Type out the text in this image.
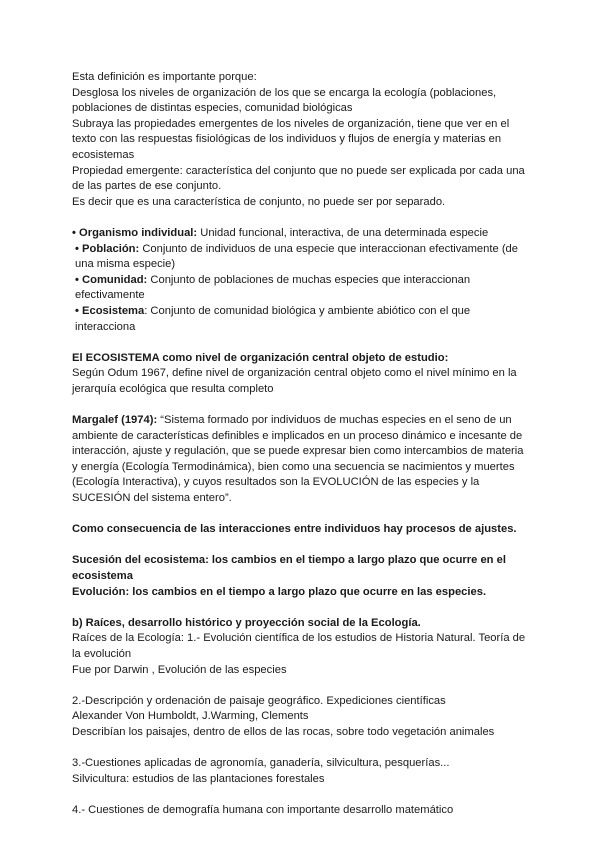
Esta definición es importante porque:

Desglosa los niveles de organización de los que se encarga la ecología (poblaciones, poblaciones de distintas especies, comunidad biológicas

Subraya las propiedades emergentes de los niveles de organización, tiene que ver en el texto con las respuestas fisiológicas de los individuos y flujos de energía y materias en ecosistemas

Propiedad emergente: característica del conjunto que no puede ser explicada por cada una de las partes de ese conjunto.

Es decir que es una característica de conjunto, no puede ser por separado.

• Organismo individual: Unidad funcional, interactiva, de una determinada especie

• Población: Conjunto de individuos de una especie que interaccionan efectivamente (de una misma especie)

• Comunidad: Conjunto de poblaciones de muchas especies que interaccionan efectivamente

• Ecosistema: Conjunto de comunidad biológica y ambiente abiótico con el que interacciona

El ECOSISTEMA como nivel de organización central objeto de estudio:

Según Odum 1967, define nivel de organización central objeto como el nivel mínimo en la jerarquía ecológica que resulta completo

Margalef (1974): “Sistema formado por individuos de muchas especies en el seno de un ambiente de características definibles e implicados en un proceso dinámico e incesante de interacción, ajuste y regulación, que se puede expresar bien como intercambios de materia y energía (Ecología Termodinámica), bien como una secuencia se nacimientos y muertes (Ecología Interactiva), y cuyos resultados son la EVOLUCIÓN de las especies y la SUCESIÓN del sistema entero”.

Como consecuencia de las interacciones entre individuos hay procesos de ajustes.

Sucesión del ecosistema: los cambios en el tiempo a largo plazo que ocurre en el ecosistema

Evolución: los cambios en el tiempo a largo plazo que ocurre en las especies.

b) Raíces, desarrollo histórico y proyección social de la Ecología.

Raíces de la Ecología: 1.- Evolución científica de los estudios de Historia Natural. Teoría de la evolución

Fue por Darwin , Evolución de las especies

2.-Descripción y ordenación de paisaje geográfico. Expediciones científicas

Alexander Von Humboldt, J.Warming, Clements

Describían los paisajes, dentro de ellos de las rocas, sobre todo vegetación animales

3.-Cuestiones aplicadas de agronomía, ganadería, silvicultura, pesquerías...

Silvicultura: estudios de las plantaciones forestales

4.- Cuestiones de demografía humana con importante desarrollo matemático
